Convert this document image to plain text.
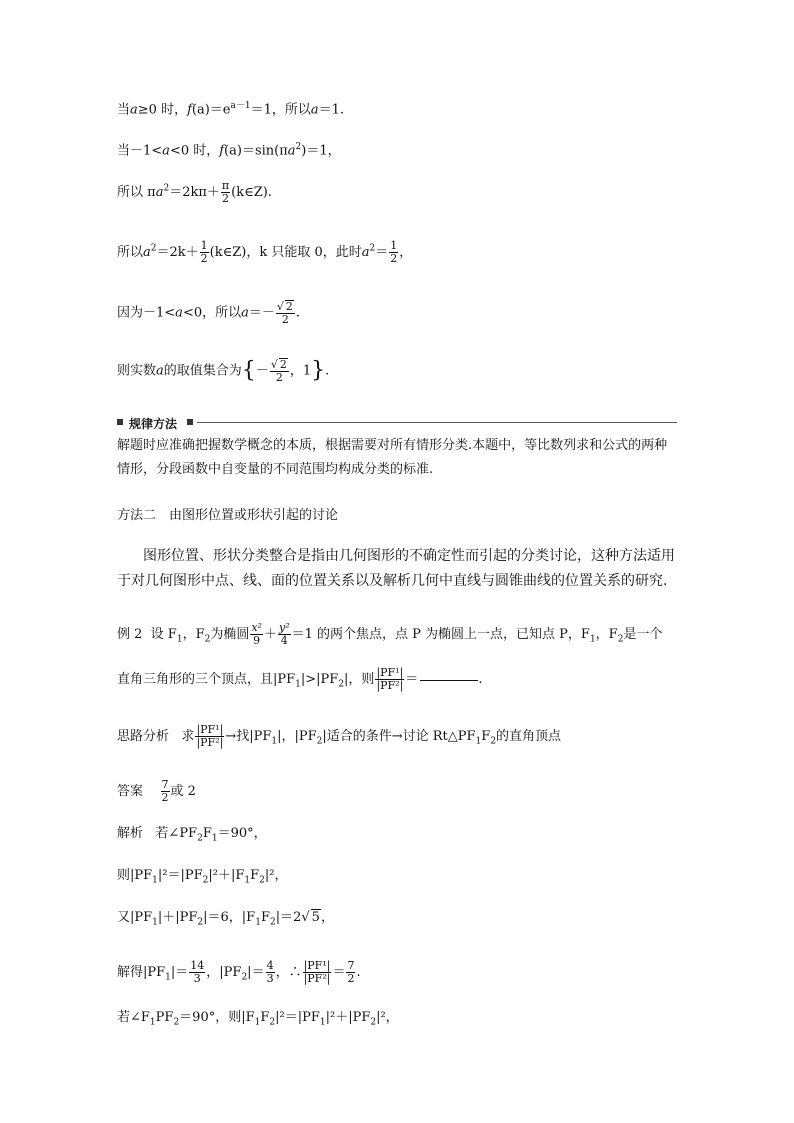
当a≥0 时，$f(a)=e^{a-1}=1$，所以a＝1.
当－1<a<0 时，$f(a)=\sin(\pi a^2)=1$，
所以 $\pi a^2=2k\pi+ \frac{\pi}{2}$ (k∈Z).
所以$a^2=2k+ \frac{1}{2}$ (k∈Z)，k 只能取 0，此时$a^2= \frac{1}{2}$ ，
因为－1<a<0，所以$a=- \frac{√ 2}{2}$ .
则实数a的取值集合为{－ $\frac{√ 2}{2}$ ，1}.
规律方法
解题时应准确把握数学概念的本质，根据需要对所有情形分类.本题中，等比数列求和公式的两种情形，分段函数中自变量的不同范围均构成分类的标准.
方法二　由图形位置或形状引起的讨论
图形位置、形状分类整合是指由几何图形的不确定性而引起的分类讨论，这种方法适用于对几何图形中点、线、面的位置关系以及解析几何中直线与圆锥曲线的位置关系的研究.
例 2 设 $F_1$，$F_2$为椭圆 $\frac{\text{x²}}{9} + \frac{\text{y²}}{4} =1$ 的两个焦点，点 P 为椭圆上一点，已知点 P，$F_1$，$F_2$是一个
直角三角形的三个顶点，且$|PF_1|>|PF_2|$，则 $\frac{\text{|PF¹|}}{\text{|PF²|}}$ ＝	.
思路分析 求 $\frac{\text{|PF¹|}}{\text{|PF²|}}$ →找$|PF_1|$，$|PF_2|$适合的条件→讨论 $Rt\triangle PF_1F_2$的直角顶点
答案 $\frac{7}{2}$ 或 2
解析 若$\angle PF_2F_1=90^\circ$，
则$|PF_1|^2=|PF_2|^2+|F_1F_2|^2$，
又$|PF_1|+|PF_2|=6$，$|F_1F_2|=2√$ 5，
解得$|PF_1|= \frac{14}{3}$ ，$|PF_2|= \frac{4}{3}$ ，∴ $\frac{\text{|PF¹|}}{\text{|PF²|}} = \frac{7}{2}$ .
若$\angle F_1PF_2=90^\circ$，则$|F_1F_2|^2=|PF_1|^2+|PF_2|^2$，
